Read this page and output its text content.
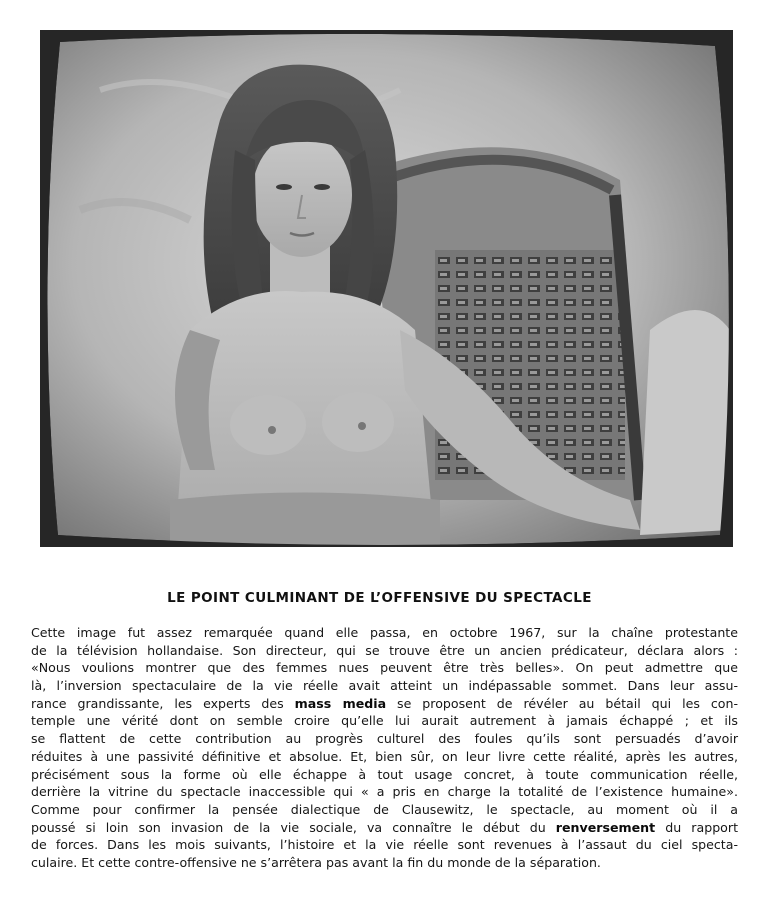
LE POINT CULMINANT DE L’OFFENSIVE DU SPECTACLE
Cette image fut assez remarquée quand elle passa, en octobre 1967, sur la chaîne protestante
de la télévision hollandaise. Son directeur, qui se trouve être un ancien prédicateur, déclara alors :
«Nous voulions montrer que des femmes nues peuvent être très belles». On peut admettre que
là, l’inversion spectaculaire de la vie réelle avait atteint un indépassable sommet. Dans leur assu-
rance grandissante, les experts des mass media se proposent de révéler au bétail qui les con-
temple une vérité dont on semble croire qu’elle lui aurait autrement à jamais échappé ; et ils
se flattent de cette contribution au progrès culturel des foules qu’ils sont persuadés d’avoir
réduites à une passivité définitive et absolue. Et, bien sûr, on leur livre cette réalité, après les autres,
précisément sous la forme où elle échappe à tout usage concret, à toute communication réelle,
derrière la vitrine du spectacle inaccessible qui « a pris en charge la totalité de l’existence humaine».
Comme pour confirmer la pensée dialectique de Clausewitz, le spectacle, au moment où il a
poussé si loin son invasion de la vie sociale, va connaître le début du renversement du rapport
de forces. Dans les mois suivants, l’histoire et la vie réelle sont revenues à l’assaut du ciel specta-
culaire. Et cette contre-offensive ne s’arrêtera pas avant la fin du monde de la séparation.
